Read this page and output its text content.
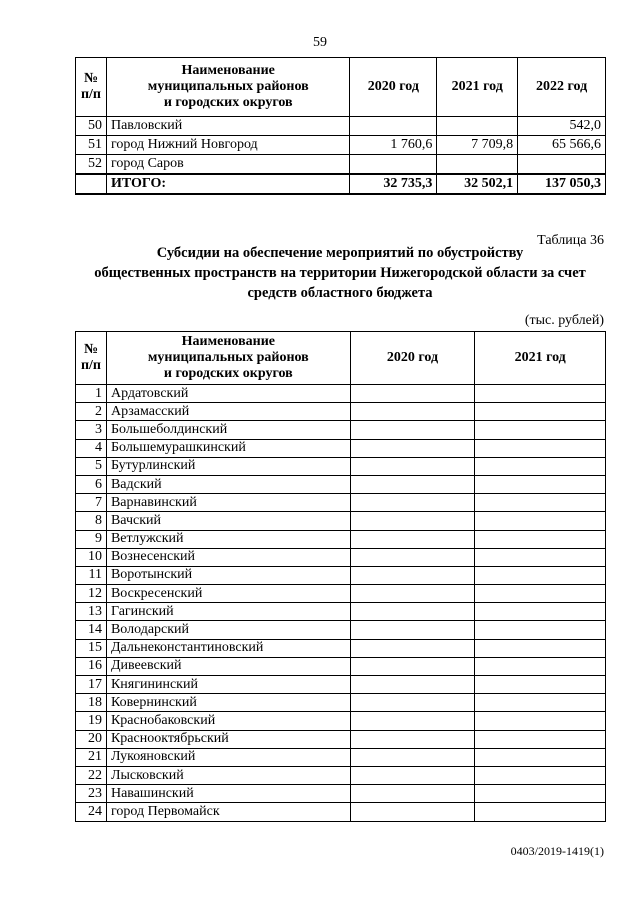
59
№
п/п	Наименование
муниципальных районов
и городских округов	2020 год	2021 год	2022 год
50	Павловский			542,0
51	город Нижний Новгород	1 760,6	7 709,8	65 566,6
52	город Саров			
	ИТОГО:	32 735,3	32 502,1	137 050,3
Таблица 36
Субсидии на обеспечение мероприятий по обустройству
общественных пространств на территории Нижегородской области за счет
средств областного бюджета
(тыс. рублей)
№
п/п	Наименование
муниципальных районов
и городских округов	2020 год	2021 год
1	Ардатовский		
2	Арзамасский		
3	Большеболдинский		
4	Большемурашкинский		
5	Бутурлинский		
6	Вадский		
7	Варнавинский		
8	Вачский		
9	Ветлужский		
10	Вознесенский		
11	Воротынский		
12	Воскресенский		
13	Гагинский		
14	Володарский		
15	Дальнеконстантиновский		
16	Дивеевский		
17	Княгининский		
18	Ковернинский		
19	Краснобаковский		
20	Краснооктябрьский		
21	Лукояновский		
22	Лысковский		
23	Навашинский		
24	город Первомайск		
0403/2019-1419(1)
